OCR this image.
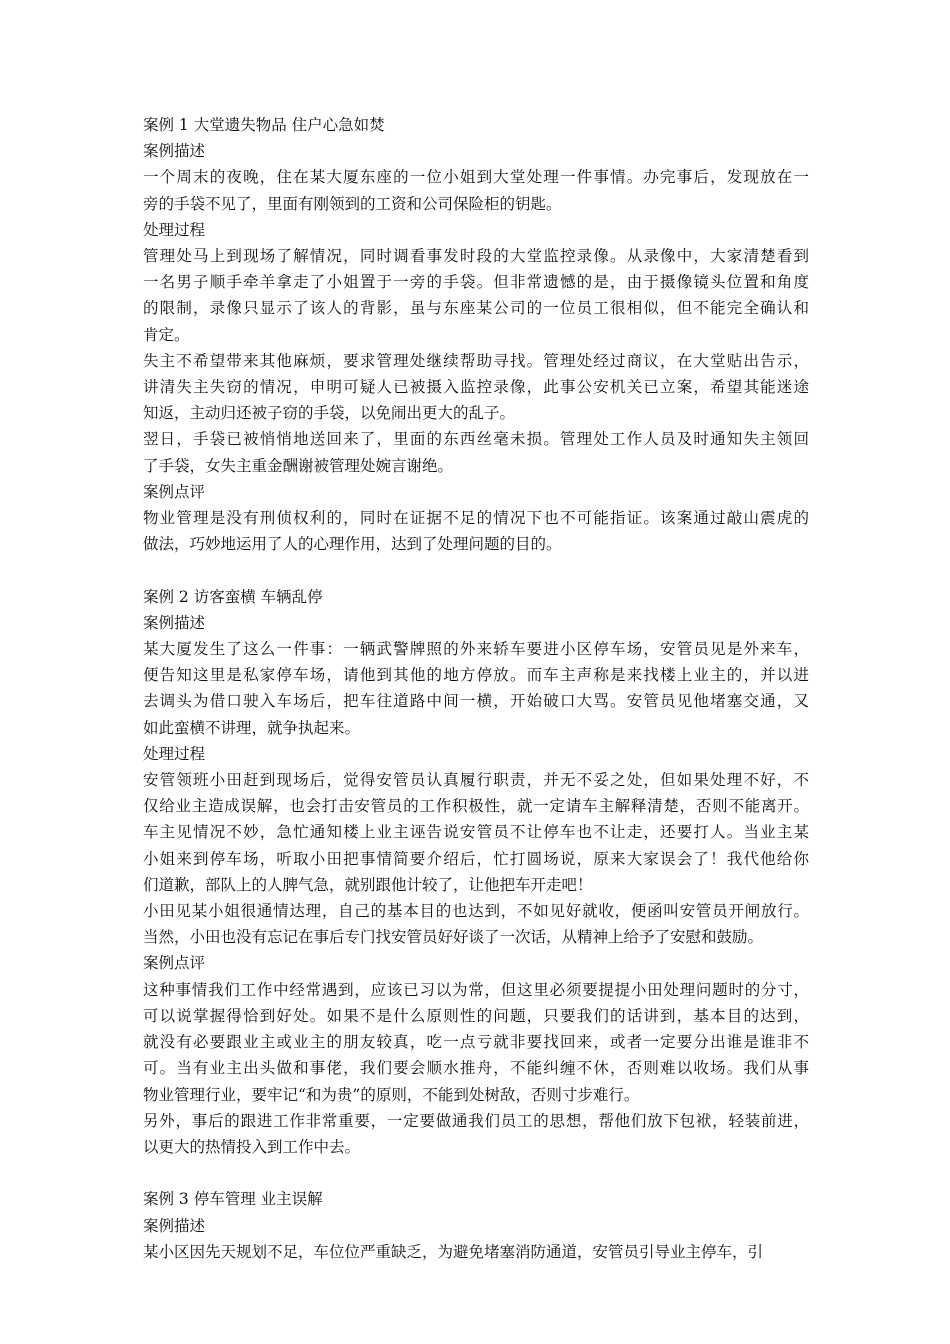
案例 1 大堂遗失物品 住户心急如焚
案例描述
一个周末的夜晚，住在某大厦东座的一位小姐到大堂处理一件事情。办完事后，发现放在一
旁的手袋不见了，里面有刚领到的工资和公司保险柜的钥匙。
处理过程
管理处马上到现场了解情况，同时调看事发时段的大堂监控录像。从录像中，大家清楚看到
一名男子顺手牵羊拿走了小姐置于一旁的手袋。但非常遗憾的是，由于摄像镜头位置和角度
的限制，录像只显示了该人的背影，虽与东座某公司的一位员工很相似，但不能完全确认和
肯定。
失主不希望带来其他麻烦，要求管理处继续帮助寻找。管理处经过商议，在大堂贴出告示，
讲清失主失窃的情况，申明可疑人已被摄入监控录像，此事公安机关已立案，希望其能迷途
知返，主动归还被子窃的手袋，以免闹出更大的乱子。
翌日，手袋已被悄悄地送回来了，里面的东西丝毫未损。管理处工作人员及时通知失主领回
了手袋，女失主重金酬谢被管理处婉言谢绝。
案例点评
物业管理是没有刑侦权利的，同时在证据不足的情况下也不可能指证。该案通过敲山震虎的
做法，巧妙地运用了人的心理作用，达到了处理问题的目的。
案例 2 访客蛮横 车辆乱停
案例描述
某大厦发生了这么一件事：一辆武警牌照的外来轿车要进小区停车场，安管员见是外来车，
便告知这里是私家停车场，请他到其他的地方停放。而车主声称是来找楼上业主的，并以进
去调头为借口驶入车场后，把车往道路中间一横，开始破口大骂。安管员见他堵塞交通，又
如此蛮横不讲理，就争执起来。
处理过程
安管领班小田赶到现场后，觉得安管员认真履行职责，并无不妥之处，但如果处理不好，不
仅给业主造成误解，也会打击安管员的工作积极性，就一定请车主解释清楚，否则不能离开。
车主见情况不妙，急忙通知楼上业主诬告说安管员不让停车也不让走，还要打人。当业主某
小姐来到停车场，听取小田把事情简要介绍后，忙打圆场说，原来大家误会了！我代他给你
们道歉，部队上的人脾气急，就别跟他计较了，让他把车开走吧！
小田见某小姐很通情达理，自己的基本目的也达到，不如见好就收，便函叫安管员开闸放行。
当然，小田也没有忘记在事后专门找安管员好好谈了一次话，从精神上给予了安慰和鼓励。
案例点评
这种事情我们工作中经常遇到，应该已习以为常，但这里必须要提提小田处理问题时的分寸，
可以说掌握得恰到好处。如果不是什么原则性的问题，只要我们的话讲到，基本目的达到，
就没有必要跟业主或业主的朋友较真，吃一点亏就非要找回来，或者一定要分出谁是谁非不
可。当有业主出头做和事佬，我们要会顺水推舟，不能纠缠不休，否则难以收场。我们从事
物业管理行业，要牢记“和为贵”的原则，不能到处树敌，否则寸步难行。
另外，事后的跟进工作非常重要，一定要做通我们员工的思想，帮他们放下包袱，轻装前进，
以更大的热情投入到工作中去。
案例 3 停车管理 业主误解
案例描述
某小区因先天规划不足，车位位严重缺乏，为避免堵塞消防通道，安管员引导业主停车，引
